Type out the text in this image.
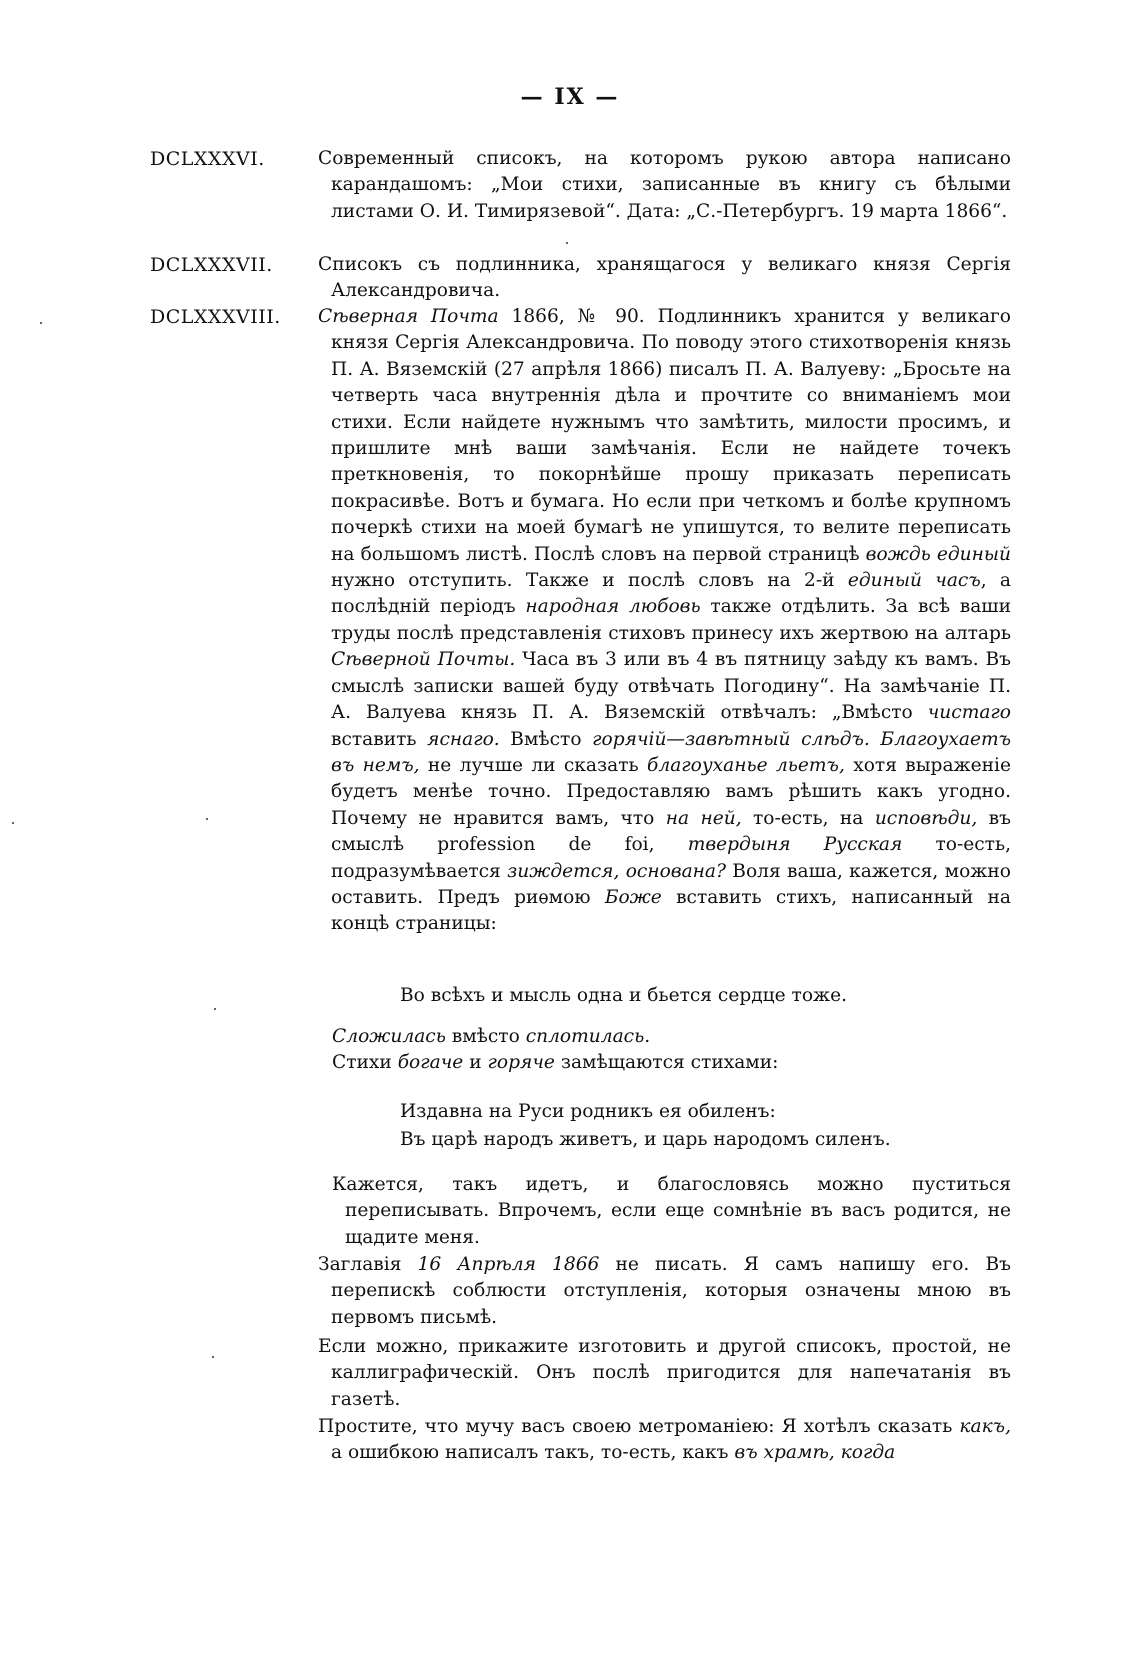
— IX —
DCLXXXVI.	Современный списокъ, на которомъ рукою автора написано карандашомъ: „Мои стихи, записанные въ книгу съ бѣлыми листами О. И. Тимирязевой“. Дата: „С.-Петербургъ. 19 марта 1866“.
DCLXXXVII.	Списокъ съ подлинника, хранящагося у великаго князя Сергія Александровича.
DCLXXXVIII.	Сѣверная Почта 1866, № 90. Подлинникъ хранится у великаго князя Сергія Александровича. По поводу этого стихотворенія князь П. А. Вяземскій (27 апрѣля 1866) писалъ П. А. Валуеву: „Бросьте на четверть часа внутреннія дѣла и прочтите со вниманіемъ мои стихи. Если найдете нужнымъ что замѣтить, милости просимъ, и пришлите мнѣ ваши замѣчанія. Если не найдете точекъ преткновенія, то покорнѣйше прошу приказать переписать покрасивѣе. Вотъ и бумага. Но если при четкомъ и болѣе крупномъ почеркѣ стихи на моей бумагѣ не упишутся, то велите переписать на большомъ листѣ. Послѣ словъ на первой страницѣ вождь единый нужно отступить. Также и послѣ словъ на 2-й единый часъ, а послѣдній періодъ народная любовь также отдѣлить. За всѣ ваши труды послѣ представленія стиховъ принесу ихъ жертвою на алтарь Сѣверной Почты. Часа въ 3 или въ 4 въ пятницу заѣду къ вамъ. Въ смыслѣ записки вашей буду отвѣчать Погодину“. На замѣчаніе П. А. Валуева князь П. А. Вяземскій отвѣчалъ: „Вмѣсто чистаго вставить яснаго. Вмѣсто горячій—завѣтный слѣдъ. Благоухаетъ въ немъ, не лучше ли сказать благоуханье льетъ, хотя выраженіе будетъ менѣе точно. Предоставляю вамъ рѣшить какъ угодно. Почему не нравится вамъ, что на ней, то-есть, на исповѣди, въ смыслѣ profession de foi, твердыня Русская то-есть, подразумѣвается зиждется, основана? Воля ваша, кажется, можно оставить. Предъ риѳмою Боже вставить стихъ, написанный на концѣ страницы:
Во всѣхъ и мысль одна и бьется сердце тоже.
Сложилась вмѣсто сплотилась.
Стихи богаче и горяче замѣщаются стихами:
Издавна на Руси родникъ ея обиленъ:
Въ царѣ народъ живетъ, и царь народомъ силенъ.
Кажется, такъ идетъ, и благословясь можно пуститься переписывать. Впрочемъ, если еще сомнѣніе въ васъ родится, не щадите меня.
Заглавія 16 Апрѣля 1866 не писать. Я самъ напишу его. Въ перепискѣ соблюсти отступленія, которыя означены мною въ первомъ письмѣ.
Если можно, прикажите изготовить и другой списокъ, простой, не каллиграфическій. Онъ послѣ пригодится для напечатанія въ газетѣ.
Простите, что мучу васъ своею метроманіею: Я хотѣлъ сказать какъ, а ошибкою написалъ такъ, то-есть, какъ въ храмѣ, когда
